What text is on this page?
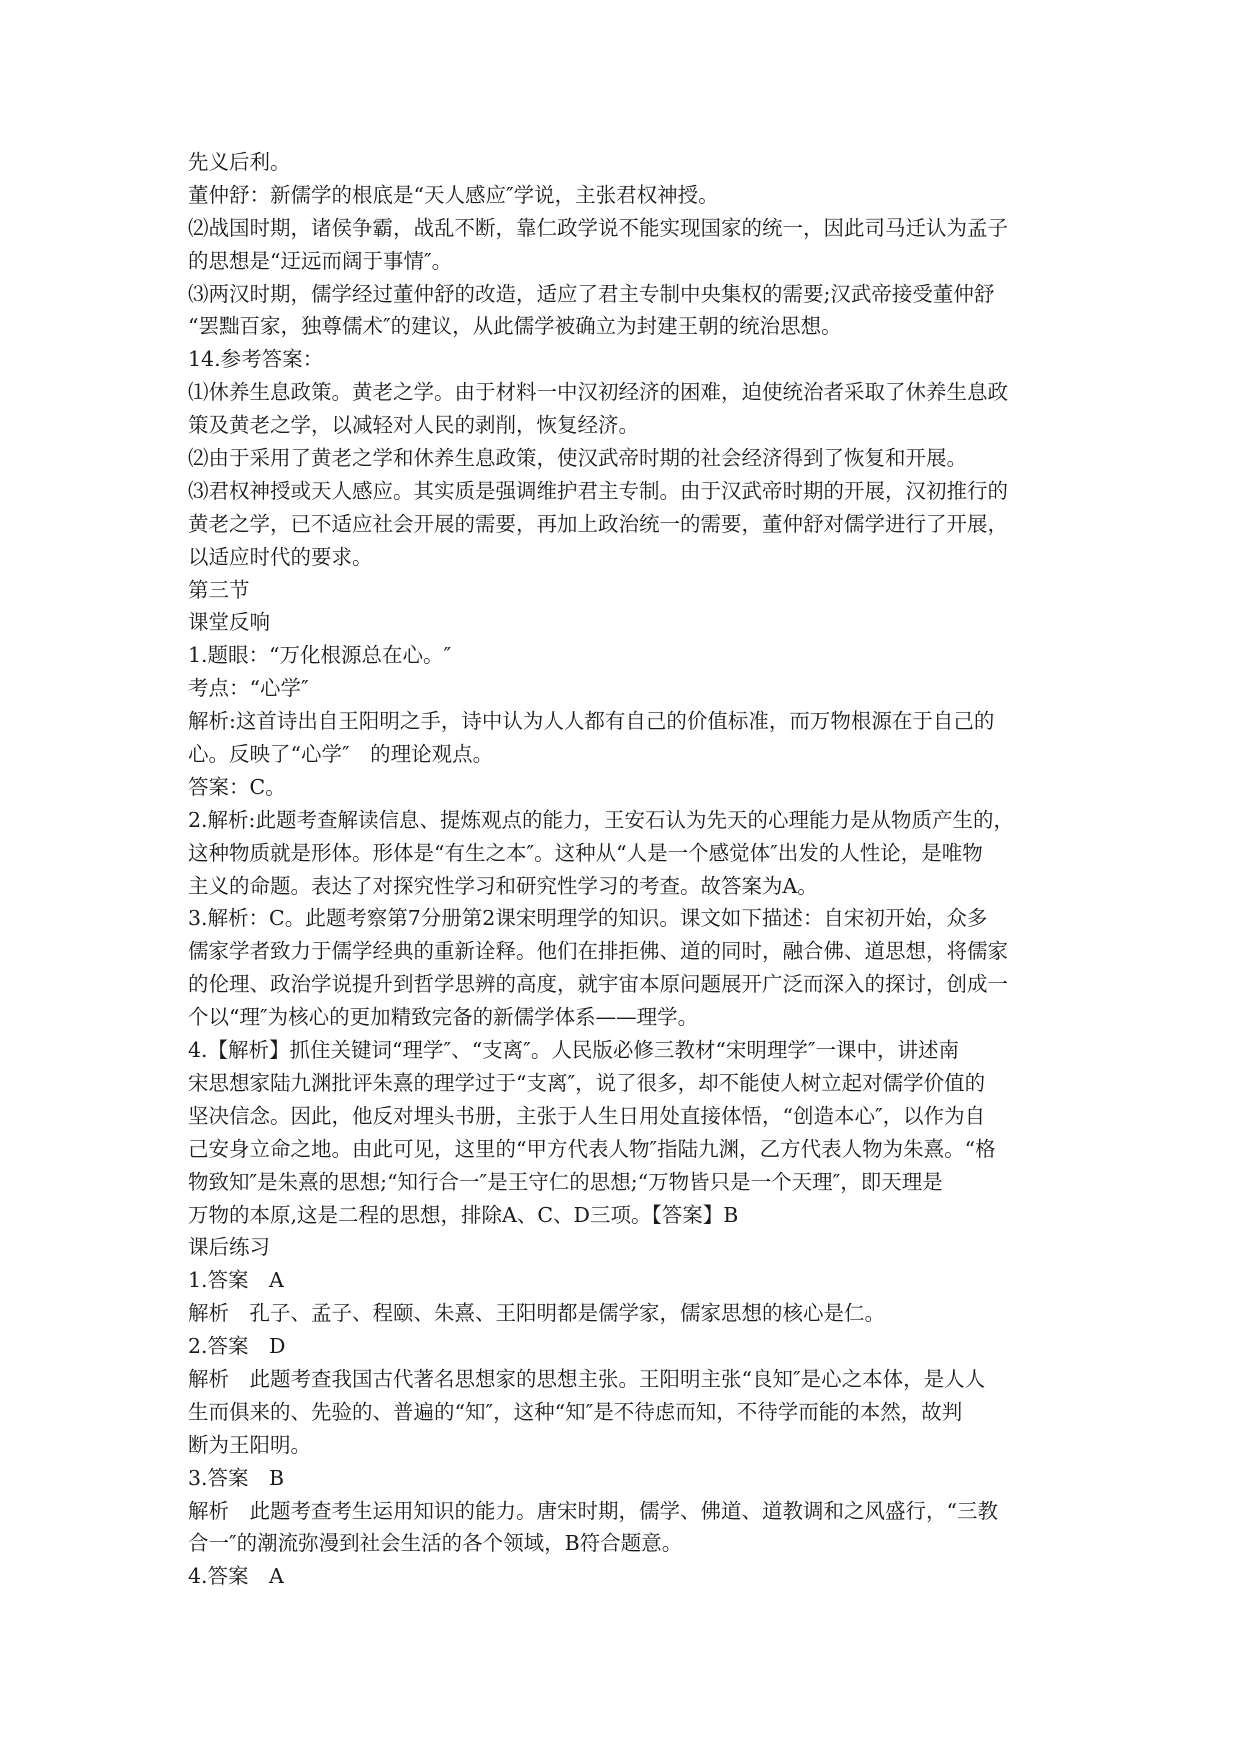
先义后利。
董仲舒：新儒学的根底是“天人感应″学说，主张君权神授。
⑵战国时期，诸侯争霸，战乱不断，靠仁政学说不能实现国家的统一，因此司马迁认为孟子
的思想是“迂远而阔于事情″。
⑶两汉时期，儒学经过董仲舒的改造，适应了君主专制中央集权的需要;汉武帝接受董仲舒
“罢黜百家，独尊儒术″的建议，从此儒学被确立为封建王朝的统治思想。
14.参考答案：
⑴休养生息政策。黄老之学。由于材料一中汉初经济的困难，迫使统治者采取了休养生息政
策及黄老之学，以减轻对人民的剥削，恢复经济。
⑵由于采用了黄老之学和休养生息政策，使汉武帝时期的社会经济得到了恢复和开展。
⑶君权神授或天人感应。其实质是强调维护君主专制。由于汉武帝时期的开展，汉初推行的
黄老之学，已不适应社会开展的需要，再加上政治统一的需要，董仲舒对儒学进行了开展，
以适应时代的要求。
第三节
课堂反响
1.题眼：“万化根源总在心。″
考点：“心学″
解析:这首诗出自王阳明之手，诗中认为人人都有自己的价值标准，而万物根源在于自己的
心。反映了“心学″　的理论观点。
答案：C。
2.解析:此题考查解读信息、提炼观点的能力，王安石认为先天的心理能力是从物质产生的，
这种物质就是形体。形体是“有生之本″。这种从“人是一个感觉体″出发的人性论，是唯物
主义的命题。表达了对探究性学习和研究性学习的考查。故答案为A。
3.解析：C。此题考察第7分册第2课宋明理学的知识。课文如下描述：自宋初开始，众多
儒家学者致力于儒学经典的重新诠释。他们在排拒佛、道的同时，融合佛、道思想，将儒家
的伦理、政治学说提升到哲学思辨的高度，就宇宙本原问题展开广泛而深入的探讨，创成一
个以“理″为核心的更加精致完备的新儒学体系——理学。
4.【解析】抓住关键词“理学″、“支离″。人民版必修三教材“宋明理学″一课中，讲述南
宋思想家陆九渊批评朱熹的理学过于“支离″，说了很多，却不能使人树立起对儒学价值的
坚决信念。因此，他反对埋头书册，主张于人生日用处直接体悟，“创造本心″，以作为自
己安身立命之地。由此可见，这里的“甲方代表人物″指陆九渊，乙方代表人物为朱熹。“格
物致知″是朱熹的思想;“知行合一″是王守仁的思想;“万物皆只是一个天理″，即天理是
万物的本原,这是二程的思想，排除A、C、D三项。【答案】B
课后练习
1.答案　A
解析　孔子、孟子、程颐、朱熹、王阳明都是儒学家，儒家思想的核心是仁。
2.答案　D
解析　此题考查我国古代著名思想家的思想主张。王阳明主张“良知″是心之本体，是人人
生而俱来的、先验的、普遍的“知″，这种“知″是不待虑而知，不待学而能的本然，故判
断为王阳明。
3.答案　B
解析　此题考查考生运用知识的能力。唐宋时期，儒学、佛道、道教调和之风盛行，“三教
合一″的潮流弥漫到社会生活的各个领域，B符合题意。
4.答案　A
